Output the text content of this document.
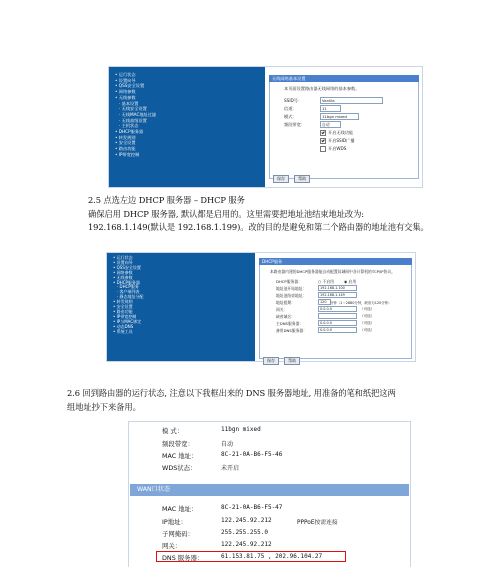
• 运行状态
• 设置向导
• QSS安全设置
• 网络参数
• 无线参数
· 基本设置
· 无线安全设置
· 无线MAC地址过滤
· 无线高级设置
· 主机状态
• DHCP服务器
• 转发规则
• 安全设置
• 路由功能
• IP带宽控制
无线网络基本设置
本页面设置路由器无线网络的基本参数。
SSID号：	Vanilla
信道：	11
模式：	11bgn mixed
频段带宽：	自动
开启无线功能
开启SSID广播
开启WDS
保存	帮助
2.5 点选左边 DHCP 服务器 – DHCP 服务
确保启用 DHCP 服务器, 默认都是启用的。这里需要把地址池结束地址改为:
192.168.1.149(默认是 192.168.1.199)。改的目的是避免和第二个路由器的地址池有交集。
• 运行状态
• 设置向导
• QSS安全设置
• 网络参数
• 无线参数
• DHCP服务器
· DHCP服务
· 客户端列表
· 静态地址分配
• 转发规则
• 安全设置
• 路由功能
• IP带宽控制
• IP与MAC绑定
• 动态DNS
• 系统工具
DHCP服务
本路由器内建的DHCP服务器能自动配置局域网中各计算机的TCP/IP协议。
DHCP服务器：	○ 不启用	◉ 启用
地址池开始地址：	192.168.1.100
地址池结束地址：	192.168.1.149
地址租期：	120	分钟（1～2880分钟，缺省为120分钟）
网关：	0.0.0.0	（可选）
缺省域名：	（可选）
主DNS服务器：	0.0.0.0	（可选）
备用DNS服务器：	0.0.0.0	（可选）
保存	帮助
2.6 回到路由器的运行状态, 注意以下我框出来的 DNS 服务器地址, 用准备的笔和纸把这两
组地址抄下来备用。
模 式：	11bgn mixed
频段带宽：	自动
MAC 地址：	8C-21-0A-B6-F5-46
WDS状态：	未开启
WAN口状态
MAC 地址：	8C-21-0A-B6-F5-47
IP地址：	122.245.92.212	PPPoE按需连接
子网掩码：	255.255.255.0
网关：	122.245.92.212
DNS 服务器：	61.153.81.75 , 202.96.104.27
